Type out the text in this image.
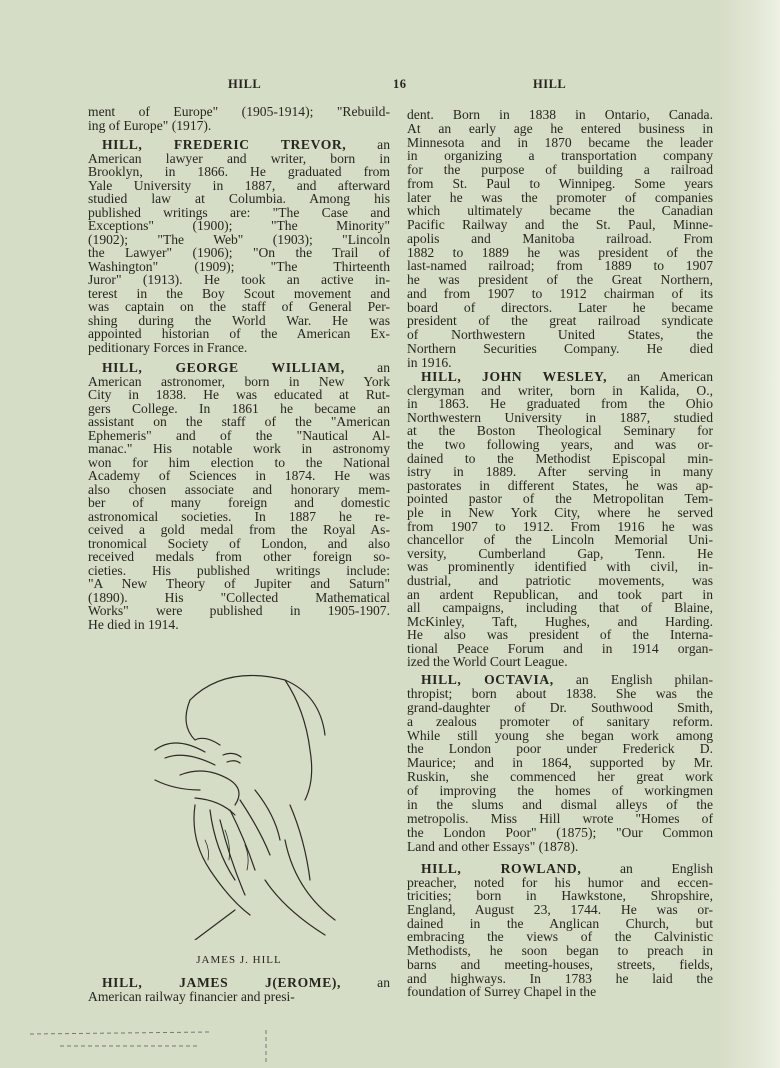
HILL	16	HILL
ment of Europe" (1905-1914); "Rebuild-
ing of Europe" (1917).
HILL, FREDERIC TREVOR, an
American lawyer and writer, born in
Brooklyn, in 1866. He graduated from
Yale University in 1887, and afterward
studied law at Columbia. Among his
published writings are: "The Case and
Exceptions" (1900); "The Minority"
(1902); "The Web" (1903); "Lincoln
the Lawyer" (1906); "On the Trail of
Washington" (1909); "The Thirteenth
Juror" (1913). He took an active in-
terest in the Boy Scout movement and
was captain on the staff of General Per-
shing during the World War. He was
appointed historian of the American Ex-
peditionary Forces in France.
HILL, GEORGE WILLIAM, an
American astronomer, born in New York
City in 1838. He was educated at Rut-
gers College. In 1861 he became an
assistant on the staff of the "American
Ephemeris" and of the "Nautical Al-
manac." His notable work in astronomy
won for him election to the National
Academy of Sciences in 1874. He was
also chosen associate and honorary mem-
ber of many foreign and domestic
astronomical societies. In 1887 he re-
ceived a gold medal from the Royal As-
tronomical Society of London, and also
received medals from other foreign so-
cieties. His published writings include:
"A New Theory of Jupiter and Saturn"
(1890). His "Collected Mathematical
Works" were published in 1905-1907.
He died in 1914.
HILL, JAMES J(EROME),	an
American railway financier and presi-
dent. Born in 1838 in Ontario, Canada.
At an early age he entered business in
Minnesota and in 1870 became the leader
in organizing a transportation company
for the purpose of building a railroad
from St. Paul to Winnipeg. Some years
later he was the promoter of companies
which ultimately became the Canadian
Pacific Railway and the St. Paul, Minne-
apolis and Manitoba railroad. From
1882 to 1889 he was president of the
last-named railroad; from 1889 to 1907
he was president of the Great Northern,
and from 1907 to 1912 chairman of its
board of directors. Later he became
president of the great railroad syndicate
of Northwestern United States, the
Northern Securities Company. He died
in 1916.
HILL, JOHN WESLEY, an American
clergyman and writer, born in Kalida, O.,
in 1863. He graduated from the Ohio
Northwestern University in 1887, studied
at the Boston Theological Seminary for
the two following years, and was or-
dained to the Methodist Episcopal min-
istry in 1889. After serving in many
pastorates in different States, he was ap-
pointed pastor of the Metropolitan Tem-
ple in New York City, where he served
from 1907 to 1912. From 1916 he was
chancellor of the Lincoln Memorial Uni-
versity, Cumberland Gap, Tenn. He
was prominently identified with civil, in-
dustrial, and patriotic movements, was
an ardent Republican, and took part in
all campaigns, including that of Blaine,
McKinley, Taft, Hughes, and Harding.
He also was president of the Interna-
tional Peace Forum and in 1914 organ-
ized the World Court League.
HILL, OCTAVIA, an English philan-
thropist; born about 1838. She was the
grand-daughter of Dr. Southwood Smith,
a zealous promoter of sanitary reform.
While still young she began work among
the London poor under Frederick D.
Maurice; and in 1864, supported by Mr.
Ruskin, she commenced her great work
of improving the homes of workingmen
in the slums and dismal alleys of the
metropolis. Miss Hill wrote "Homes of
the London Poor" (1875); "Our Common
Land and other Essays" (1878).
HILL, ROWLAND,	an English
preacher, noted for his humor and eccen-
tricities; born in Hawkstone, Shropshire,
England, August 23, 1744. He was or-
dained in the Anglican Church, but
embracing the views of the Calvinistic
Methodists, he soon began to preach in
barns and meeting-houses, streets, fields,
and highways. In 1783 he laid the
foundation of Surrey Chapel in the
JAMES J. HILL
